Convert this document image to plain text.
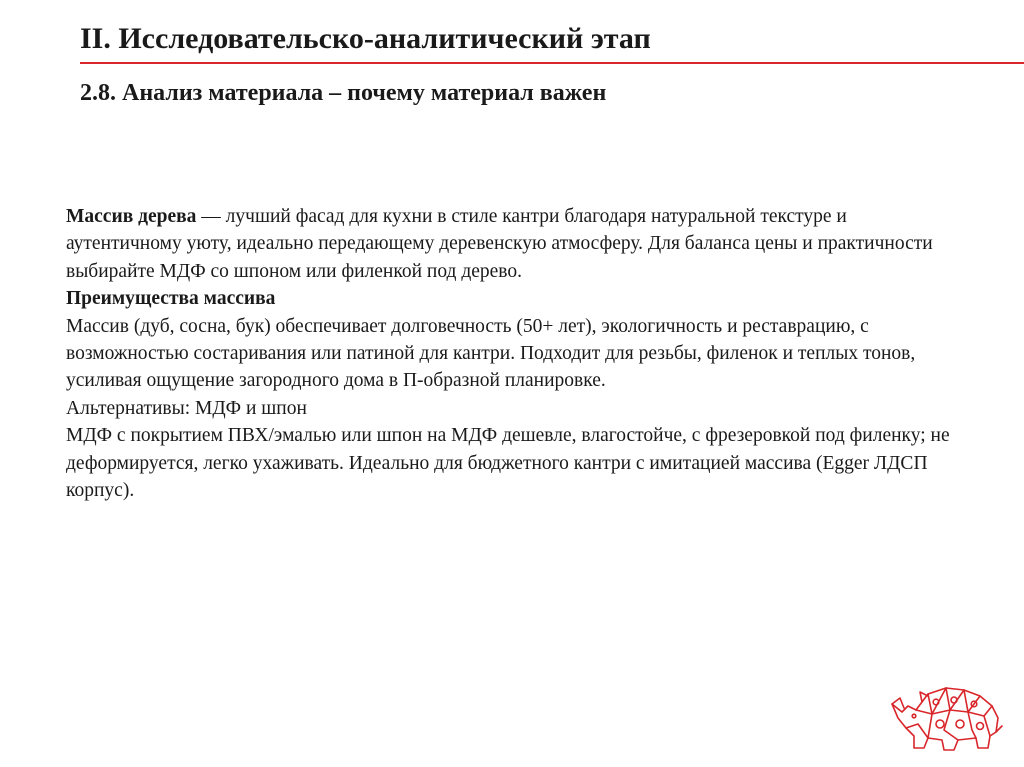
II. Исследовательско-аналитический этап
2.8. Анализ материала – почему материал важен

Массив дерева — лучший фасад для кухни в стиле кантри благодаря натуральной текстуре и аутентичному уюту, идеально передающему деревенскую атмосферу. Для баланса цены и практичности выбирайте МДФ со шпоном или филенкой под дерево.

Преимущества массива

Массив (дуб, сосна, бук) обеспечивает долговечность (50+ лет), экологичность и реставрацию, с возможностью состаривания или патиной для кантри. Подходит для резьбы, филенок и теплых тонов, усиливая ощущение загородного дома в П-образной планировке.

Альтернативы: МДФ и шпон

МДФ с покрытием ПВХ/эмалью или шпон на МДФ дешевле, влагостойче, с фрезеровкой под филенку; не деформируется, легко ухаживать. Идеально для бюджетного кантри с имитацией массива (Egger ЛДСП корпус).
